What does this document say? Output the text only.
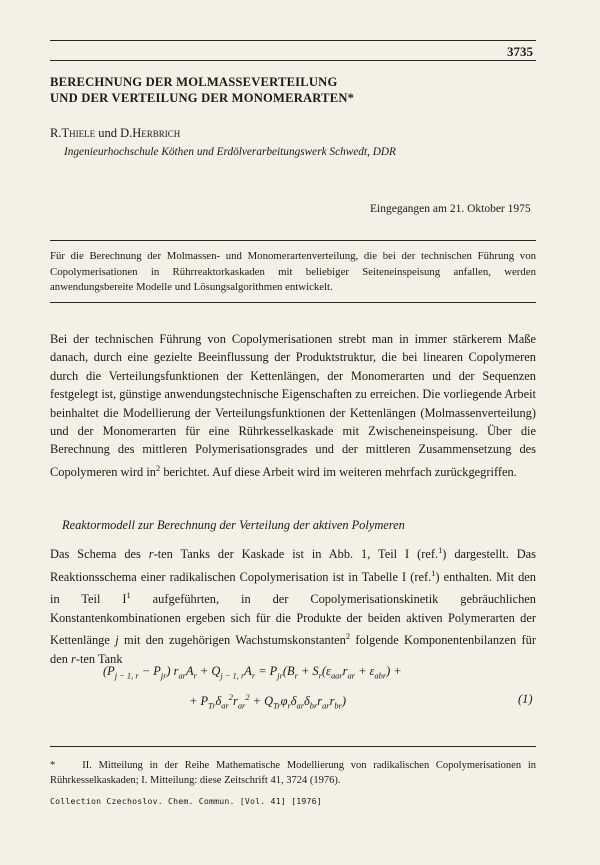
3735
BERECHNUNG DER MOLMASSEVERTEILUNG
UND DER VERTEILUNG DER MONOMERARTEN*
R.Thiele und D.Herbrich
Ingenieurhochschule Köthen und Erdölverarbeitungswerk Schwedt, DDR
Eingegangen am 21. Oktober 1975
Für die Berechnung der Molmassen- und Monomerartenverteilung, die bei der technischen Führung von Copolymerisationen in Rührreaktorkaskaden mit beliebiger Seiteneinspeisung anfallen, werden anwendungsbereite Modelle und Lösungsalgorithmen entwickelt.

Bei der technischen Führung von Copolymerisationen strebt man in immer stärkerem Maße danach, durch eine gezielte Beeinflussung der Produktstruktur, die bei linearen Copolymeren durch die Verteilungsfunktionen der Kettenlängen, der Monomerarten und der Sequenzen festgelegt ist, günstige anwendungstechnische Eigenschaften zu erreichen. Die vorliegende Arbeit beinhaltet die Modellierung der Verteilungsfunktionen der Kettenlängen (Molmassenverteilung) und der Monomerarten für eine Rührkesselkaskade mit Zwischeneinspeisung. Über die Berechnung des mittleren Polymerisationsgrades und der mittleren Zusammensetzung des Copolymeren wird $in^2$ berichtet. Auf diese Arbeit wird im weiteren mehrfach zurückgegriffen.

Reaktormodell zur Berechnung der Verteilung der aktiven Polymeren
Das Schema des r-ten Tanks der Kaskade ist in Abb. 1, Teil I (ref.$^1$) dargestellt. Das Reaktionsschema einer radikalischen Copolymerisation ist in Tabelle I (ref.$^1$) enthalten. Mit den in Teil $I^1$ aufgeführten, in der Copolymerisationskinetik gebräuchlichen Konstantenkombinationen ergeben sich für die Produkte der beiden aktiven Polymerarten der Kettenlänge j mit den zugehörigen Wachstumskonstanten$^2$ folgende Komponentenbilanzen für den r-ten Tank
$(P_{j - 1, r} - P_{jr}) r_{ar}A_r + Q_{j - 1, r}A_r = P_{jr}(B_r + S_r(\varepsilon_{aar}r_{ar} + \varepsilon_{abr})$ +
+ $P_{Tr}\delta_{ar}^2r_{ar}^2 + Q_{Tr}\varphi_r\delta_{ar}\delta_{br}r_{ar}r_{br}$)	(1)
*	II. Mitteilung in der Reihe Mathematische Modellierung von radikalischen Copolymerisationen in Rührkesselkaskaden; I. Mitteilung: diese Zeitschrift 41, 3724 (1976).
Collection Czechoslov. Chem. Commun. [Vol. 41] [1976]
